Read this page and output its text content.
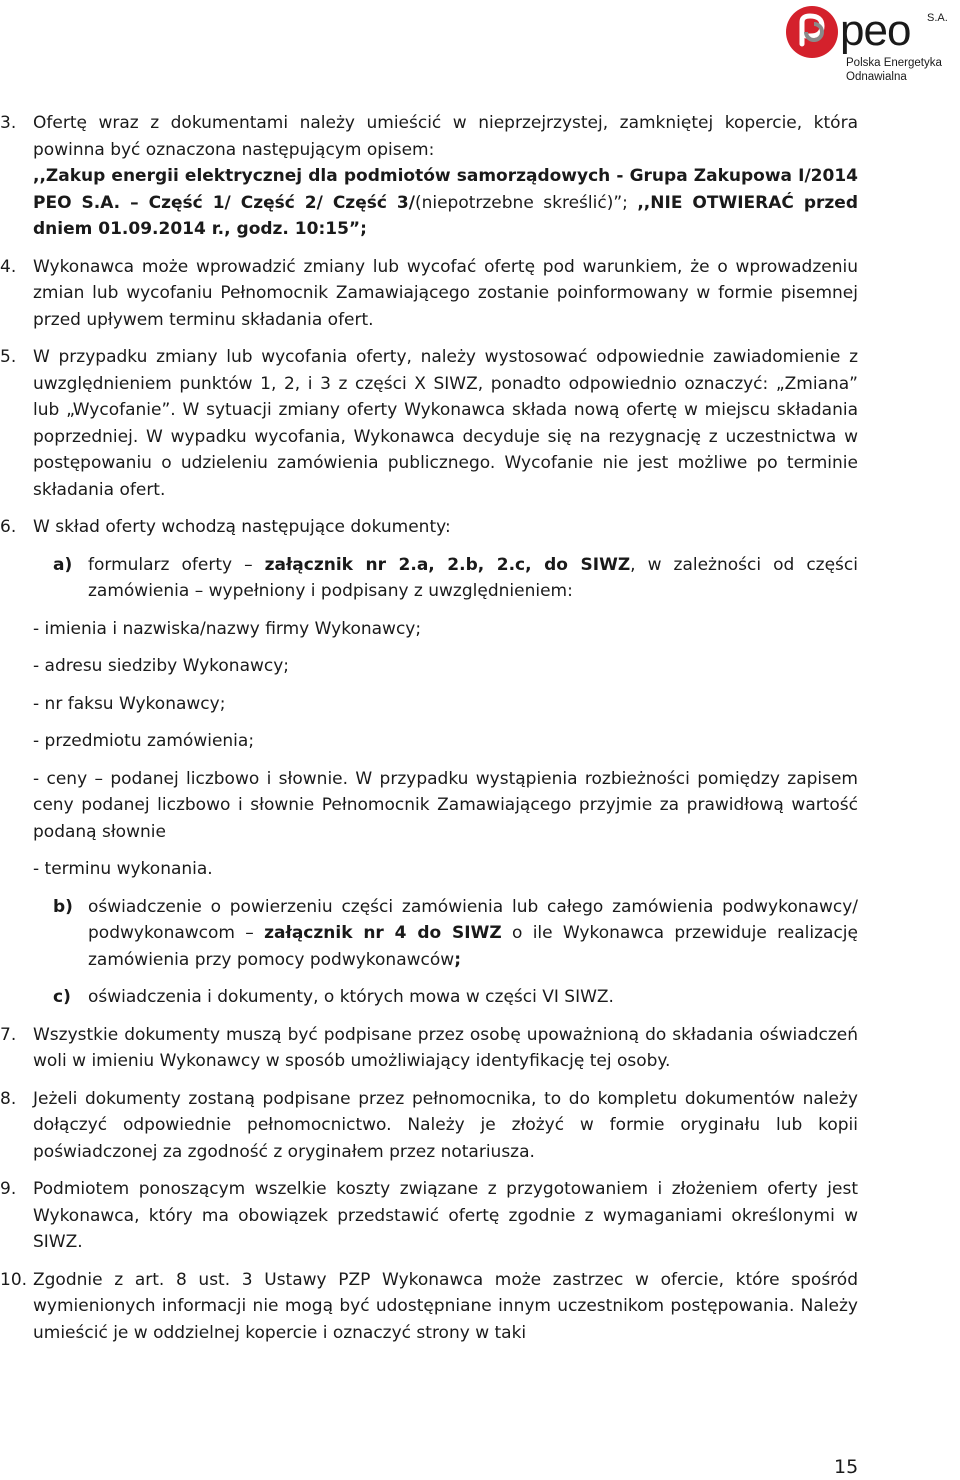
peo S.A.
Polska Energetyka
Odnawialna
3. Ofertę wraz z dokumentami należy umieścić w nieprzejrzystej, zamkniętej kopercie, która powinna być oznaczona następującym opisem:
,,Zakup energii elektrycznej dla podmiotów samorządowych - Grupa Zakupowa I/2014 PEO S.A. – Część 1/ Część 2/ Część 3/(niepotrzebne skreślić)”; ,,NIE OTWIERAĆ przed dniem 01.09.2014 r., godz. 10:15”;
4. Wykonawca może wprowadzić zmiany lub wycofać ofertę pod warunkiem, że o wprowadzeniu zmian lub wycofaniu Pełnomocnik Zamawiającego zostanie poinformowany w formie pisemnej przed upływem terminu składania ofert.
5. W przypadku zmiany lub wycofania oferty, należy wystosować odpowiednie zawiadomienie z uwzględnieniem punktów 1, 2, i 3 z części X SIWZ, ponadto odpowiednio oznaczyć: „Zmiana” lub „Wycofanie”. W sytuacji zmiany oferty Wykonawca składa nową ofertę w miejscu składania poprzedniej. W wypadku wycofania, Wykonawca decyduje się na rezygnację z uczestnictwa w postępowaniu o udzieleniu zamówienia publicznego. Wycofanie nie jest możliwe po terminie składania ofert.
6. W skład oferty wchodzą następujące dokumenty:
a) formularz oferty – załącznik nr 2.a, 2.b, 2.c, do SIWZ, w zależności od części zamówienia – wypełniony i podpisany z uwzględnieniem:
- imienia i nazwiska/nazwy firmy Wykonawcy;
- adresu siedziby Wykonawcy;
- nr faksu Wykonawcy;
- przedmiotu zamówienia;
- ceny – podanej liczbowo i słownie. W przypadku wystąpienia rozbieżności pomiędzy zapisem ceny podanej liczbowo i słownie Pełnomocnik Zamawiającego przyjmie za prawidłową wartość podaną słownie
- terminu wykonania.
b) oświadczenie o powierzeniu części zamówienia lub całego zamówienia podwykonawcy/ podwykonawcom – załącznik nr 4 do SIWZ o ile Wykonawca przewiduje realizację zamówienia przy pomocy podwykonawców;
c) oświadczenia i dokumenty, o których mowa w części VI SIWZ.
7. Wszystkie dokumenty muszą być podpisane przez osobę upoważnioną do składania oświadczeń woli w imieniu Wykonawcy w sposób umożliwiający identyfikację tej osoby.
8. Jeżeli dokumenty zostaną podpisane przez pełnomocnika, to do kompletu dokumentów należy dołączyć odpowiednie pełnomocnictwo. Należy je złożyć w formie oryginału lub kopii poświadczonej za zgodność z oryginałem przez notariusza.
9. Podmiotem ponoszącym wszelkie koszty związane z przygotowaniem i złożeniem oferty jest Wykonawca, który ma obowiązek przedstawić ofertę zgodnie z wymaganiami określonymi w SIWZ.
10. Zgodnie z art. 8 ust. 3 Ustawy PZP Wykonawca może zastrzec w ofercie, które spośród wymienionych informacji nie mogą być udostępniane innym uczestnikom postępowania. Należy umieścić je w oddzielnej kopercie i oznaczyć strony w taki
15
